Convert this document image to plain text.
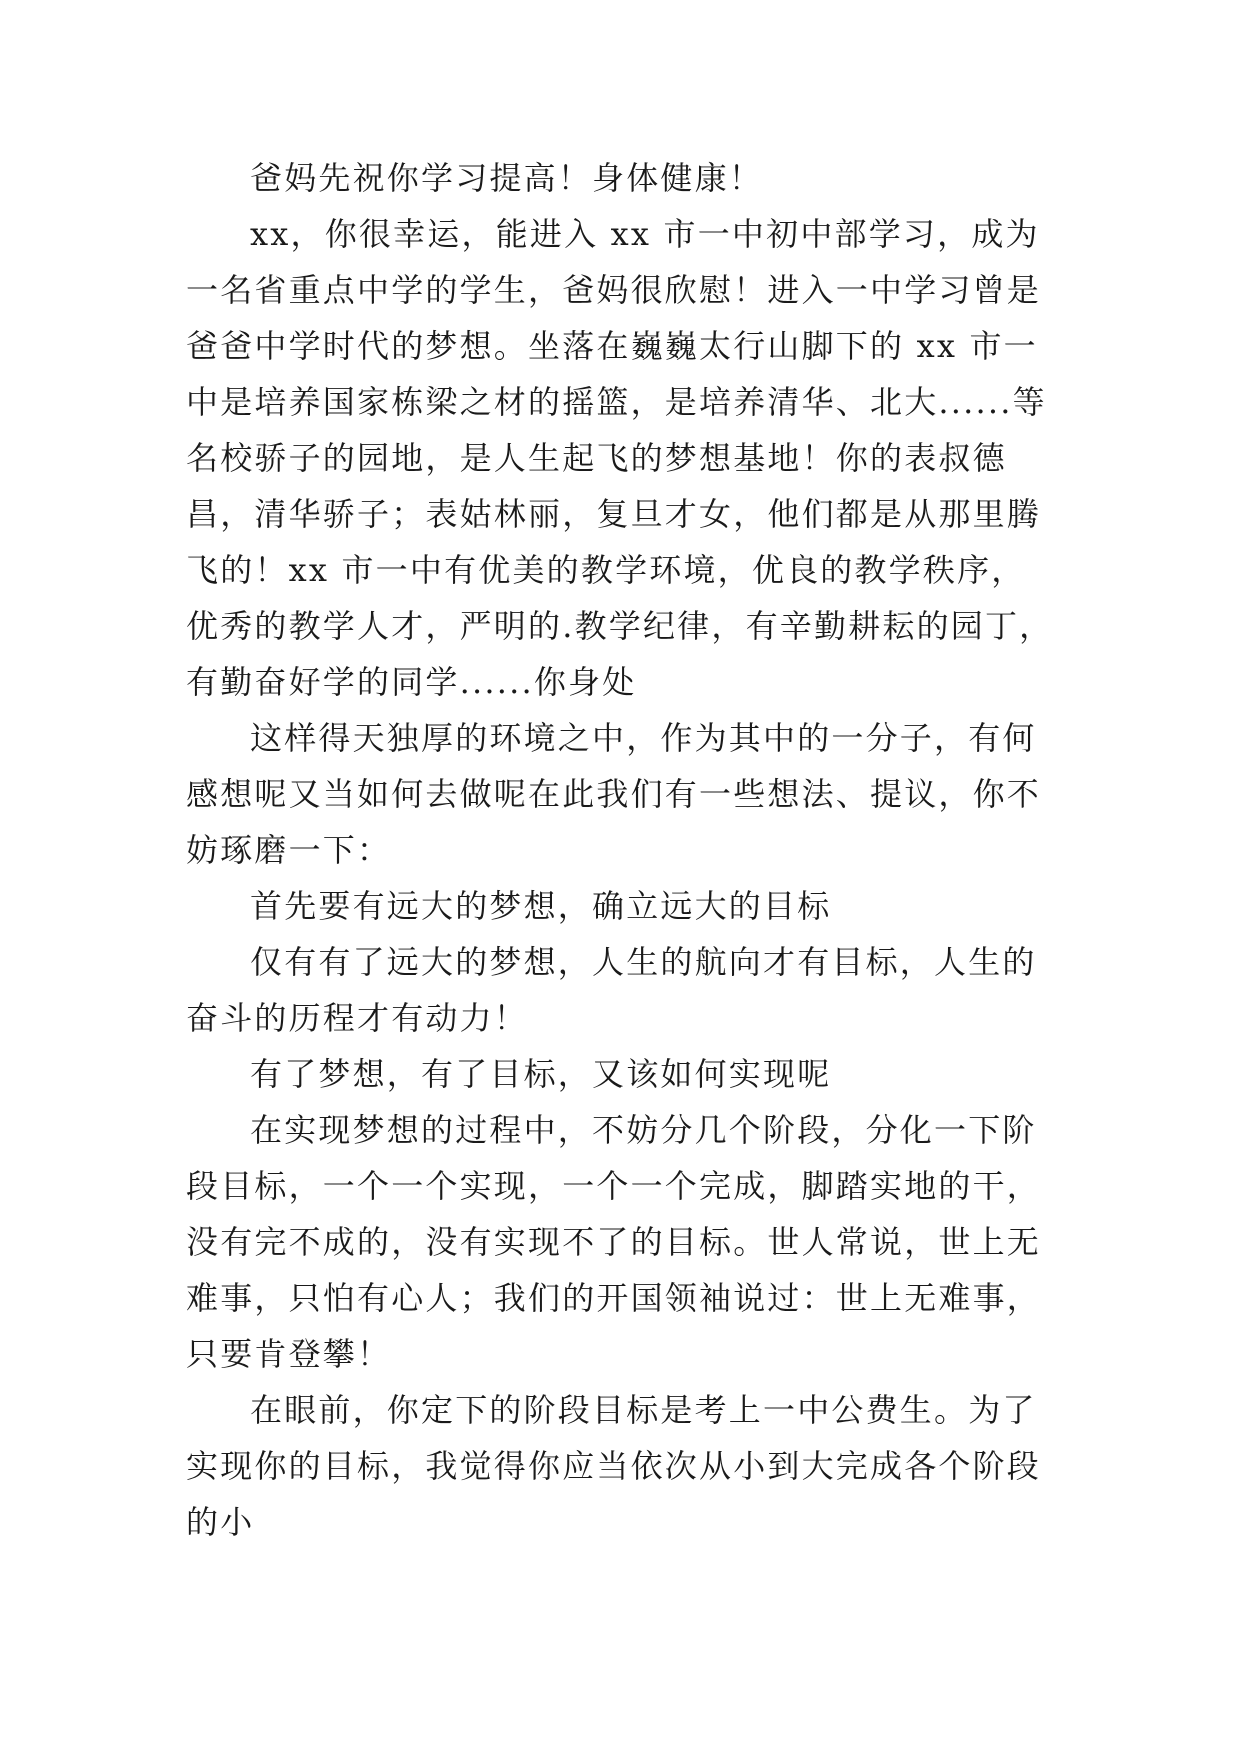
爸妈先祝你学习提高！身体健康！

xx，你很幸运，能进入 xx 市一中初中部学习，成为一名省重点中学的学生，爸妈很欣慰！进入一中学习曾是爸爸中学时代的梦想。坐落在巍巍太行山脚下的 xx 市一中是培养国家栋梁之材的摇篮，是培养清华、北大......等名校骄子的园地，是人生起飞的梦想基地！你的表叔德昌，清华骄子；表姑林丽，复旦才女，他们都是从那里腾飞的！xx 市一中有优美的教学环境，优良的教学秩序，优秀的教学人才，严明的.教学纪律，有辛勤耕耘的园丁，有勤奋好学的同学......你身处

这样得天独厚的环境之中，作为其中的一分子，有何感想呢又当如何去做呢在此我们有一些想法、提议，你不妨琢磨一下：

首先要有远大的梦想，确立远大的目标

仅有有了远大的梦想，人生的航向才有目标，人生的奋斗的历程才有动力！

有了梦想，有了目标，又该如何实现呢

在实现梦想的过程中，不妨分几个阶段，分化一下阶段目标，一个一个实现，一个一个完成，脚踏实地的干，没有完不成的，没有实现不了的目标。世人常说，世上无难事，只怕有心人；我们的开国领袖说过：世上无难事，只要肯登攀！

在眼前，你定下的阶段目标是考上一中公费生。为了实现你的目标，我觉得你应当依次从小到大完成各个阶段的小
